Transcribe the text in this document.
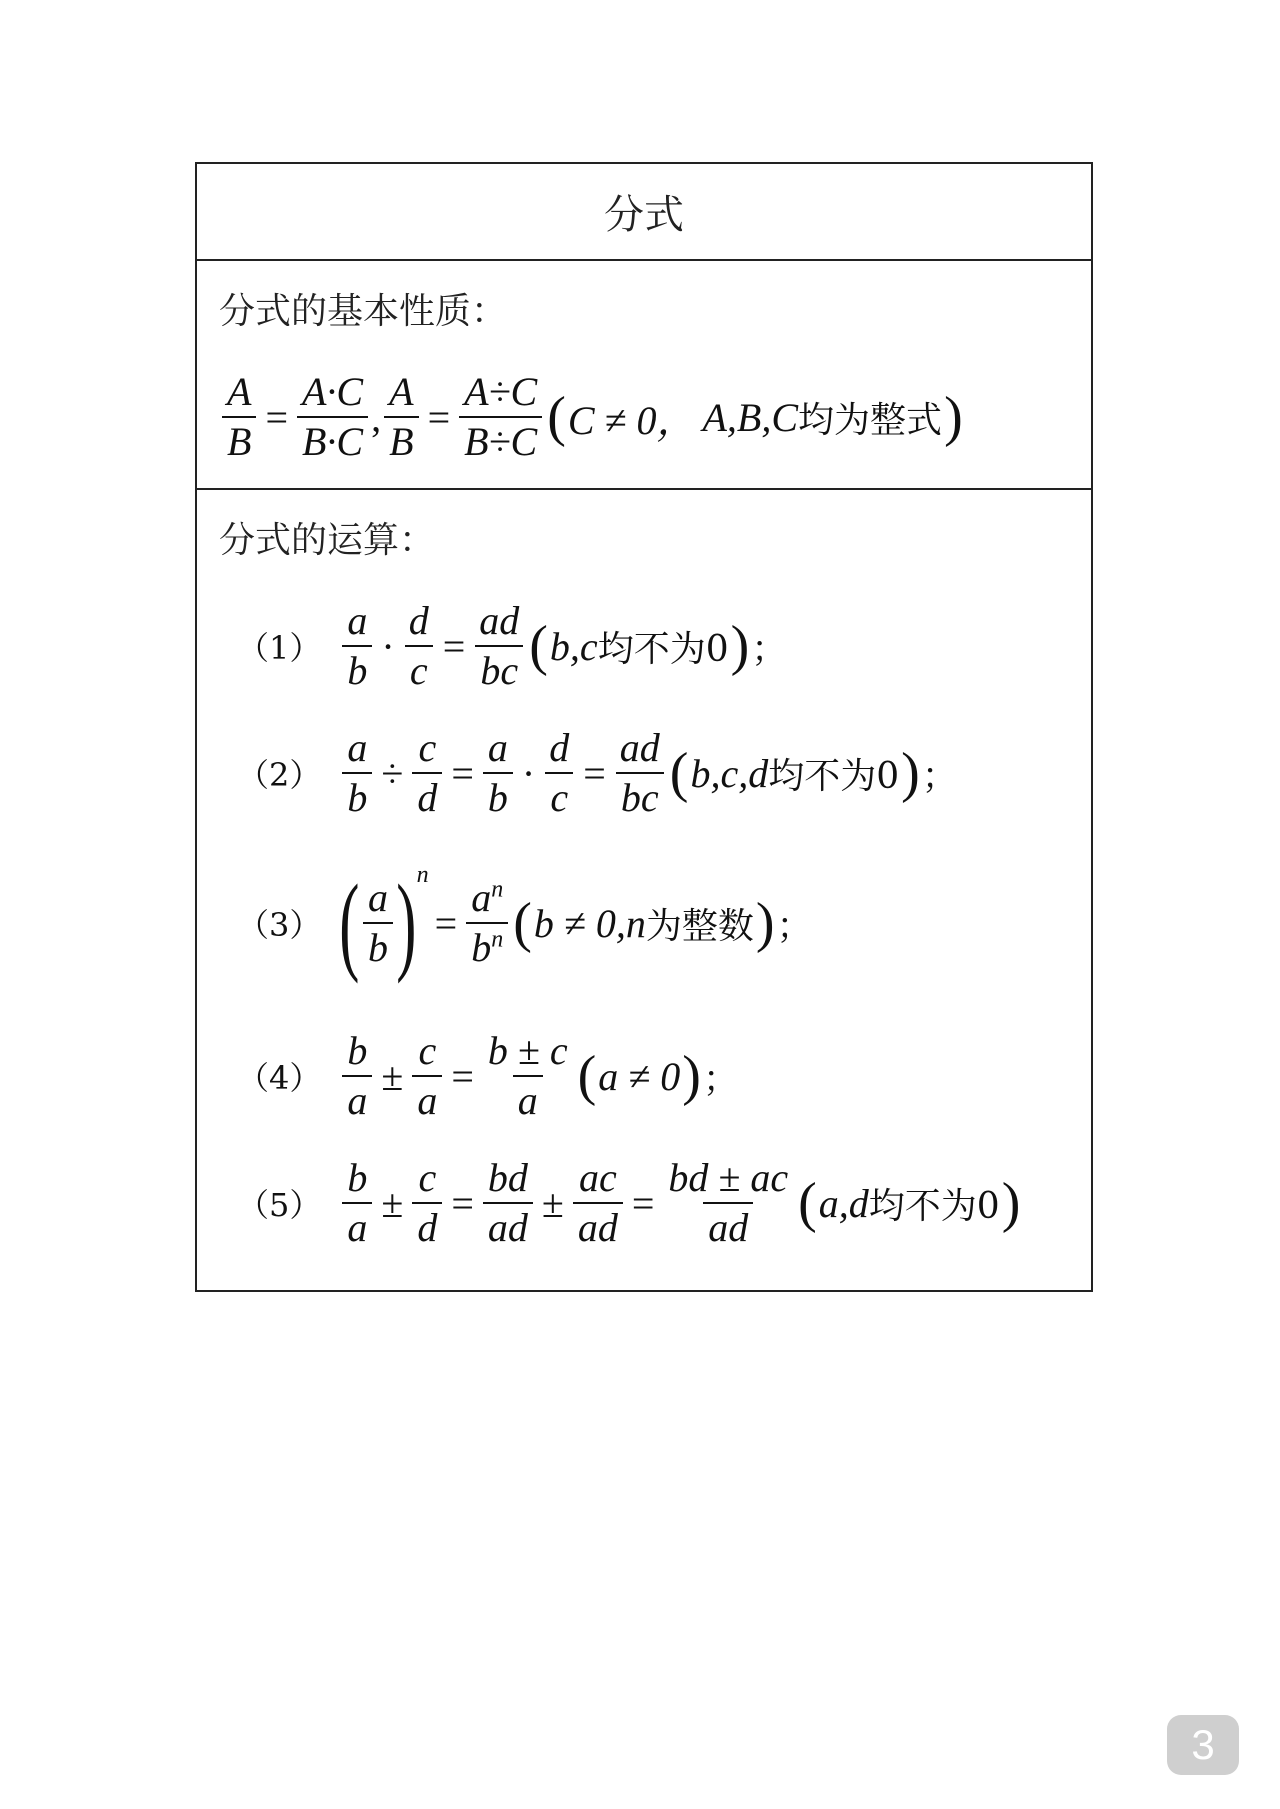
分式
分式的基本性质：
$\frac{A}{B} = \frac{A\cdot C}{B\cdot C}$ , $\frac{A}{B} = \frac{A\div C}{B\div C}$ ( C ≠ 0， A,B,C 均为整式 )
分式的运算：
$(1) \frac{a}{b} \cdot \frac{d}{c} = \frac{ad}{bc}$ ( b,c 均不为0 ) ；
$(2) \frac{a}{b} \div \frac{c}{d} = \frac{a}{b} \cdot \frac{d}{c} = \frac{ad}{bc}$ ( b,c,d 均不为0 ) ；
（3） ( $\frac{a}{b} )^n$
= $\frac{a^n}{b^n}$ ( b ≠ 0,n 为整数 ) ；
$(4) \frac{b}{a} \pm \frac{c}{a} = \frac{b \pm c}{a}$ ( a ≠ 0 ) ；
$(5) \frac{b}{a} \pm \frac{c}{d} = \frac{bd}{ad} \pm \frac{ac}{ad} = \frac{bd \pm ac}{ad}$ ( a,d 均不为0 )
3
